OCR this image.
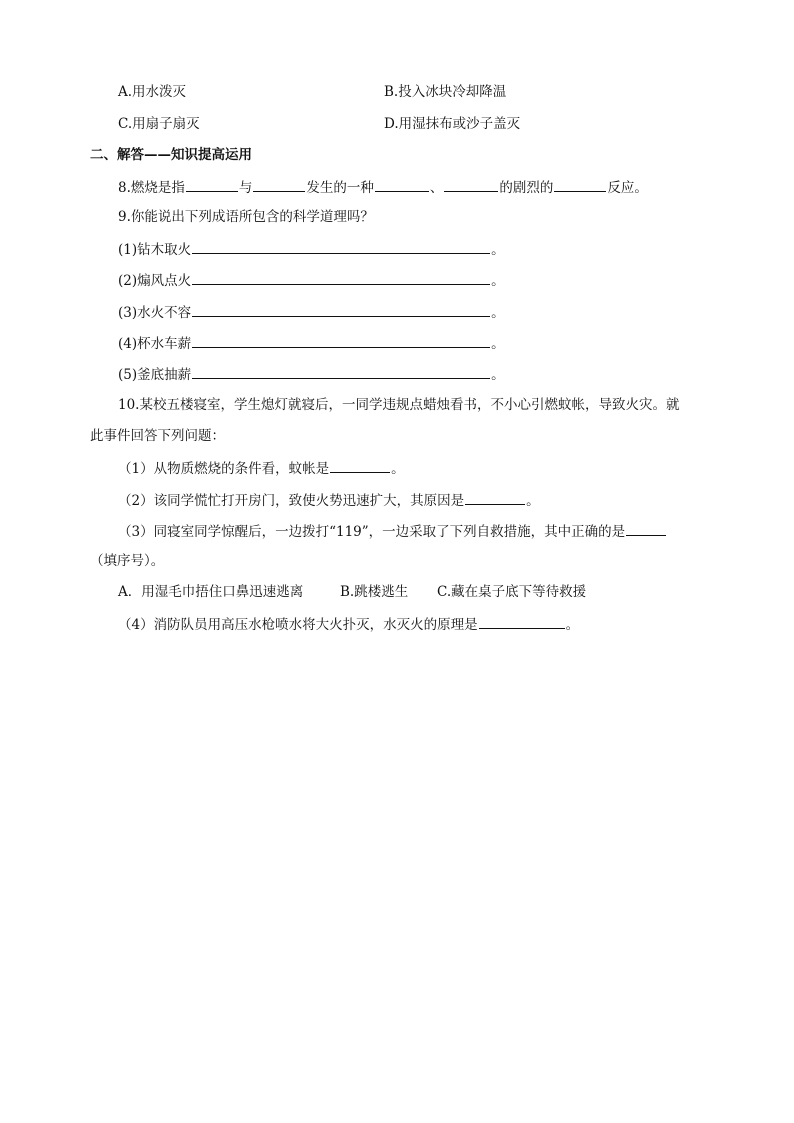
A.用水泼灭	B.投入冰块冷却降温
C.用扇子扇灭	D.用湿抹布或沙子盖灭
二、解答——知识提高运用
8.燃烧是指	与	发生的一种	、	的剧烈的	反应。
9.你能说出下列成语所包含的科学道理吗？
(1)钻木取火	。
(2)煽风点火	。
(3)水火不容	。
(4)杯水车薪	。
(5)釜底抽薪	。
10.某校五楼寝室，学生熄灯就寝后，一同学违规点蜡烛看书，不小心引燃蚊帐，导致火灾。就
此事件回答下列问题：
（1）从物质燃烧的条件看，蚊帐是	。
（2）该同学慌忙打开房门，致使火势迅速扩大，其原因是	。
（3）同寝室同学惊醒后，一边拨打“119”，一边采取了下列自救措施，其中正确的是
（填序号）。
A．用湿毛巾捂住口鼻迅速逃离	B.跳楼逃生 C.藏在桌子底下等待救援
（4）消防队员用高压水枪喷水将大火扑灭，水灭火的原理是	。
